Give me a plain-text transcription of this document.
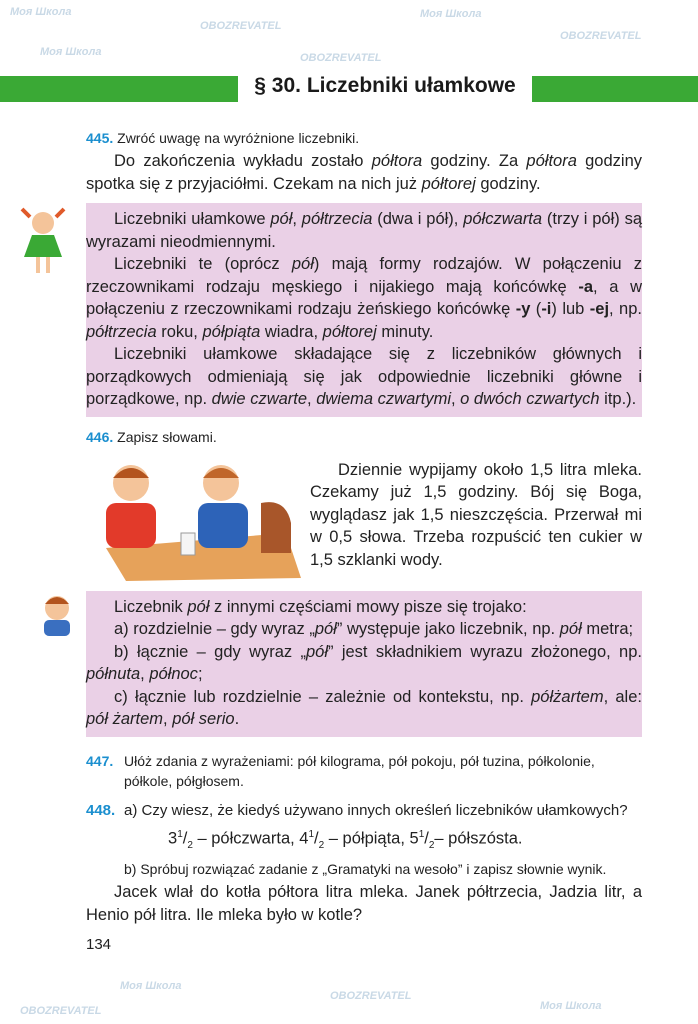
Моя Школа
OBOZREVATEL
Моя Школа
OBOZREVATEL
Моя Школа	OBOZREVATEL
Моя Школа
OBOZREVATEL
Моя Школа
OBOZREVATEL
§ 30. Liczebniki ułamkowe
445. Zwróć uwagę na wyróżnione liczebniki.

Do zakończenia wykładu zostało półtora godziny. Za półtora godziny spotka się z przyjaciółmi. Czekam na nich już półtorej godziny.

Liczebniki ułamkowe pół, półtrzecia (dwa i pół), półczwarta (trzy i pół) są wyrazami nieodmiennymi.

Liczebniki te (oprócz pół) mają formy rodzajów. W połączeniu z rzeczownikami rodzaju męskiego i nijakiego mają końcówkę -a, a w połączeniu z rzeczownikami rodzaju żeńskiego końcówkę -y (-i) lub -ej, np. półtrzecia roku, półpiąta wiadra, półtorej minuty.

Liczebniki ułamkowe składające się z liczebników głównych i porządkowych odmieniają się jak odpowiednie liczebniki główne i porządkowe, np. dwie czwarte, dwiema czwartymi, o dwóch czwartych itp.).

446. Zapisz słowami.

Dziennie wypijamy około 1,5 litra mleka. Czekamy już 1,5 godziny. Bój się Boga, wyglądasz jak 1,5 nieszczęścia. Przerwał mi w 0,5 słowa. Trzeba rozpuścić ten cukier w 1,5 szklanki wody.

Liczebnik pół z innymi częściami mowy pisze się trojako:

a) rozdzielnie – gdy wyraz „pół” występuje jako liczebnik, np. pół metra;

b) łącznie – gdy wyraz „pół” jest składnikiem wyrazu złożonego, np. półnuta, północ;

c) łącznie lub rozdzielnie – zależnie od kontekstu, np. półżartem, ale: pół żartem, pół serio.

447. Ułóż zdania z wyrażeniami: pół kilograma, pół pokoju, pół tuzina, półkolonie, półkole, półgłosem.
448. a) Czy wiesz, że kiedyś używano innych określeń liczebników ułamkowych?
$3^1/_2$ – półczwarta, $4^1/_2$ – półpiąta, $5^1/_2-$ półszósta.
b) Spróbuj rozwiązać zadanie z „Gramatyki na wesoło” i zapisz słownie wynik.

Jacek wlał do kotła półtora litra mleka. Janek półtrzecia, Jadzia litr, a Henio pół litra. Ile mleka było w kotle?

134
